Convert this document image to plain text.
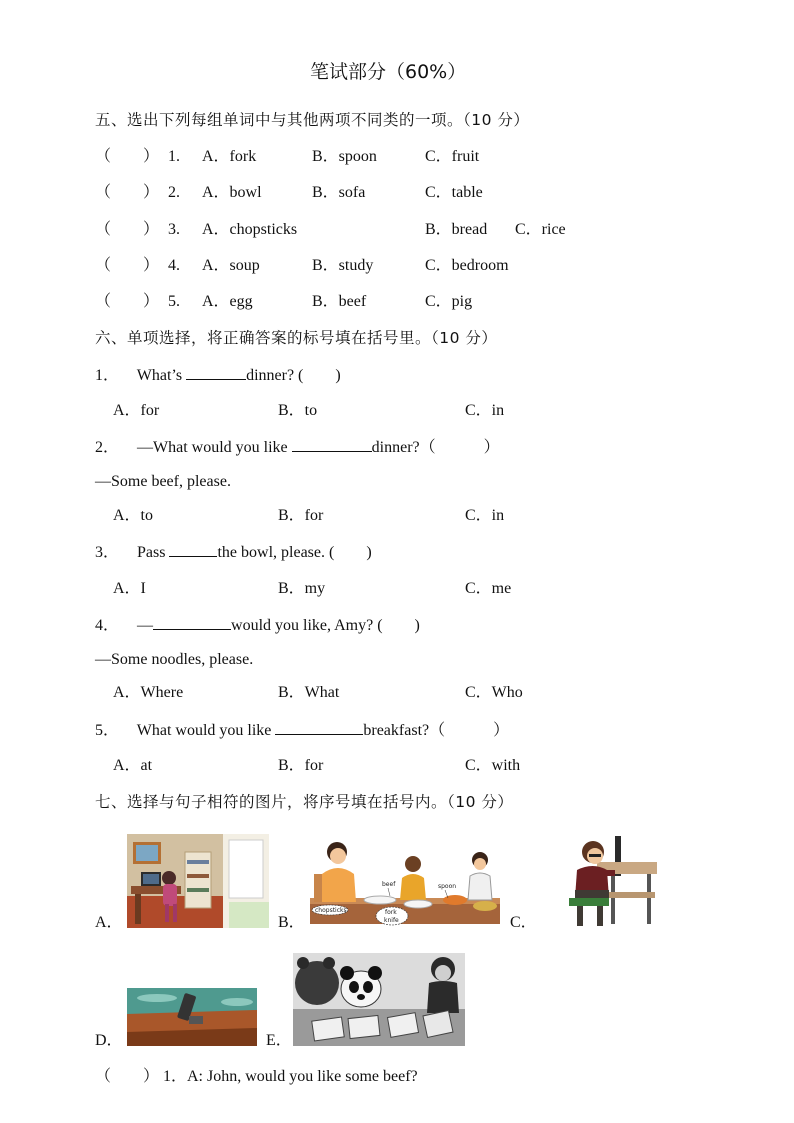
笔试部分（60%）
五、选出下列每组单词中与其他两项不同类的一项。（10 分）
（　　） 1. A．fork	B．spoon	C．fruit
（　　） 2. A．bowl	B．sofa	C．table
（　　） 3. A．chopsticks	B．bread C．rice
（　　） 4. A．soup	B．study	C．bedroom
（　　） 5. A．egg	B．beef	C．pig
六、单项选择，将正确答案的标号填在括号里。（10 分）
1． What’s	dinner? (　　)
A．for	B．to	C．in
2． —What would you like	dinner?（　　　）
—Some beef, please.
A．to	B．for	C．in
3． Pass	the bowl, please. (　　)
A．I	B．my	C．me
4． —	would you like, Amy? (　　)
—Some noodles, please.
A．Where	B．What	C．Who
5． What would you like	breakfast?（　　　）
A．at	B．for	C．with
七、选择与句子相符的图片，将序号填在括号内。（10 分）
A．	B．
beef	spoon
chopsticks	fork
knife	C．
D．	E．
（　　） 1．A: John, would you like some beef?
